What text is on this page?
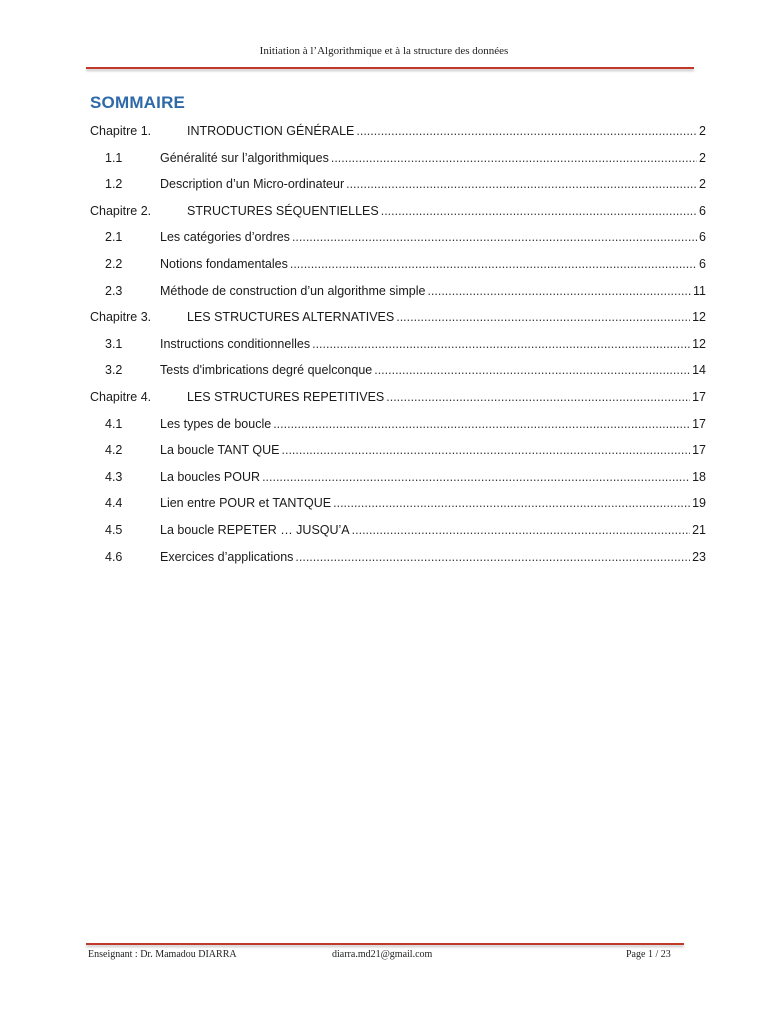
Initiation à l’Algorithmique et à la structure des données
SOMMAIRE
Chapitre 1.	INTRODUCTION GÉNÉRALE .....	2
1.1	Généralité sur l’algorithmiques .....	2
1.2	Description d’un Micro-ordinateur .....	2
Chapitre 2.	STRUCTURES SÉQUENTIELLES .....	6
2.1	Les catégories d’ordres .....	6
2.2	Notions fondamentales .....	6
2.3	Méthode de construction d’un algorithme simple .....	11
Chapitre 3.	LES STRUCTURES ALTERNATIVES .....	12
3.1	Instructions conditionnelles .....	12
3.2	Tests d'imbrications degré quelconque .....	14
Chapitre 4.	LES STRUCTURES REPETITIVES .....	17
4.1	Les types de boucle .....	17
4.2	La boucle TANT QUE .....	17
4.3	La boucles POUR .....	18
4.4	Lien entre POUR et TANTQUE .....	19
4.5	La boucle REPETER … JUSQU’A .....	21
4.6	Exercices d’applications .....	23
Enseignant : Dr. Mamadou DIARRA	diarra.md21@gmail.com	Page 1 / 23
